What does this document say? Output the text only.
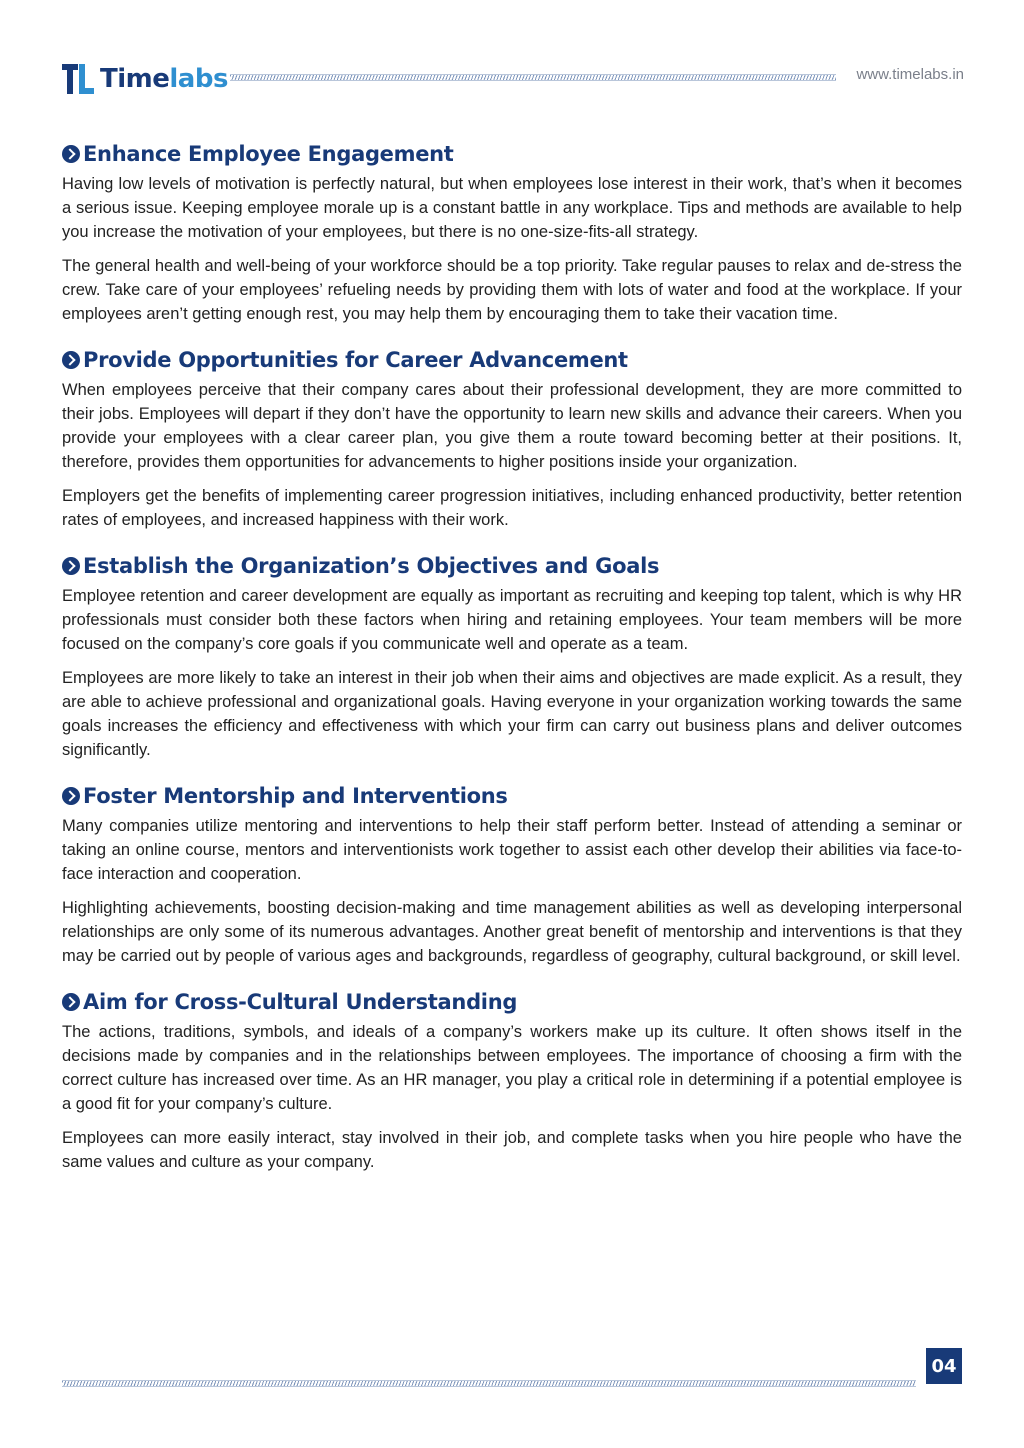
Timelabs	www.timelabs.in
Enhance Employee Engagement

Having low levels of motivation is perfectly natural, but when employees lose interest in their work, that’s when it becomes a serious issue. Keeping employee morale up is a constant battle in any workplace. Tips and methods are available to help you increase the motivation of your employees, but there is no one-size-fits-all strategy.

The general health and well-being of your workforce should be a top priority. Take regular pauses to relax and de-stress the crew. Take care of your employees’ refueling needs by providing them with lots of water and food at the workplace. If your employees aren’t getting enough rest, you may help them by encouraging them to take their vacation time.

Provide Opportunities for Career Advancement

When employees perceive that their company cares about their professional development, they are more committed to their jobs. Employees will depart if they don’t have the opportunity to learn new skills and advance their careers. When you provide your employees with a clear career plan, you give them a route toward becoming better at their positions. It, therefore, provides them opportunities for advancements to higher positions inside your organization.

Employers get the benefits of implementing career progression initiatives, including enhanced productivity, better retention rates of employees, and increased happiness with their work.

Establish the Organization’s Objectives and Goals

Employee retention and career development are equally as important as recruiting and keeping top talent, which is why HR professionals must consider both these factors when hiring and retaining employees. Your team members will be more focused on the company’s core goals if you communicate well and operate as a team.

Employees are more likely to take an interest in their job when their aims and objectives are made explicit. As a result, they are able to achieve professional and organizational goals. Having everyone in your organization working towards the same goals increases the efficiency and effectiveness with which your firm can carry out business plans and deliver outcomes significantly.

Foster Mentorship and Interventions

Many companies utilize mentoring and interventions to help their staff perform better. Instead of attending a seminar or taking an online course, mentors and interventionists work together to assist each other develop their abilities via face-to-face interaction and cooperation.

Highlighting achievements, boosting decision-making and time management abilities as well as developing interpersonal relationships are only some of its numerous advantages. Another great benefit of mentorship and interventions is that they may be carried out by people of various ages and backgrounds, regardless of geography, cultural background, or skill level.

Aim for Cross-Cultural Understanding

The actions, traditions, symbols, and ideals of a company’s workers make up its culture. It often shows itself in the decisions made by companies and in the relationships between employees. The importance of choosing a firm with the correct culture has increased over time. As an HR manager, you play a critical role in determining if a potential employee is a good fit for your company’s culture.

Employees can more easily interact, stay involved in their job, and complete tasks when you hire people who have the same values and culture as your company.

04
